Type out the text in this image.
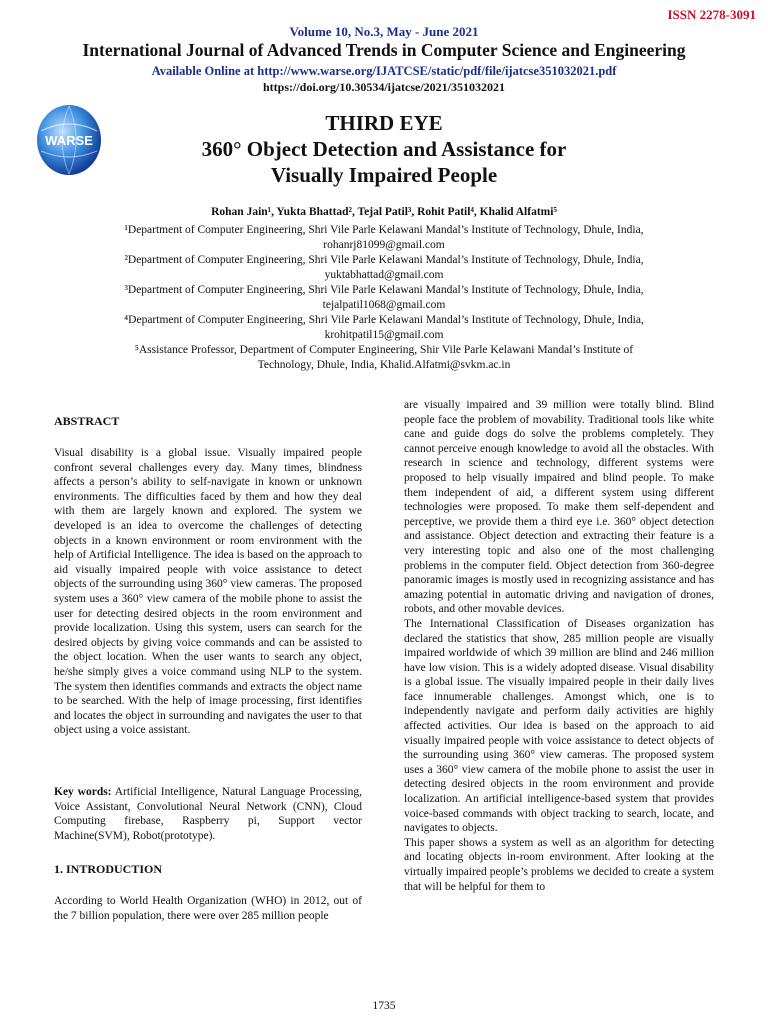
ISSN 2278-3091
Volume 10, No.3, May - June 2021
International Journal of Advanced Trends in Computer Science and Engineering
Available Online at http://www.warse.org/IJATCSE/static/pdf/file/ijatcse351032021.pdf
https://doi.org/10.30534/ijatcse/2021/351032021
WARSE
THIRD EYE
360° Object Detection and Assistance for
Visually Impaired People
Rohan Jain¹, Yukta Bhattad², Tejal Patil³, Rohit Patil⁴, Khalid Alfatmi⁵
¹Department of Computer Engineering, Shri Vile Parle Kelawani Mandal’s Institute of Technology, Dhule, India,
rohanrj81099@gmail.com
²Department of Computer Engineering, Shri Vile Parle Kelawani Mandal’s Institute of Technology, Dhule, India,
yuktabhattad@gmail.com
³Department of Computer Engineering, Shri Vile Parle Kelawani Mandal’s Institute of Technology, Dhule, India,
tejalpatil1068@gmail.com
⁴Department of Computer Engineering, Shri Vile Parle Kelawani Mandal’s Institute of Technology, Dhule, India,
krohitpatil15@gmail.com
⁵Assistance Professor, Department of Computer Engineering, Shir Vile Parle Kelawani Mandal’s Institute of
Technology, Dhule, India, Khalid.Alfatmi@svkm.ac.in
ABSTRACT

Visual disability is a global issue. Visually impaired people confront several challenges every day. Many times, blindness affects a person’s ability to self-navigate in known or unknown environments. The difficulties faced by them and how they deal with them are largely known and explored. The system we developed is an idea to overcome the challenges of detecting objects in a known environment or room environment with the help of Artificial Intelligence. The idea is based on the approach to aid visually impaired people with voice assistance to detect objects of the surrounding using 360° view cameras. The proposed system uses a 360° view camera of the mobile phone to assist the user for detecting desired objects in the room environment and provide localization. Using this system, users can search for the desired objects by giving voice commands and can be assisted to the object location. When the user wants to search any object, he/she simply gives a voice command using NLP to the system. The system then identifies commands and extracts the object name to be searched. With the help of image processing, first identifies and locates the object in surrounding and navigates the user to that object using a voice assistant.

Key words: Artificial Intelligence, Natural Language Processing, Voice Assistant, Convolutional Neural Network (CNN), Cloud Computing firebase, Raspberry pi, Support vector Machine(SVM), Robot(prototype).

1. INTRODUCTION

According to World Health Organization (WHO) in 2012, out of the 7 billion population, there were over 285 million people

are visually impaired and 39 million were totally blind. Blind people face the problem of movability. Traditional tools like white cane and guide dogs do solve the problems completely. They cannot perceive enough knowledge to avoid all the obstacles. With research in science and technology, different systems were proposed to help visually impaired and blind people. To make them independent of aid, a different system using different technologies were proposed. To make them self-dependent and perceptive, we provide them a third eye i.e. 360° object detection and assistance. Object detection and extracting their feature is a very interesting topic and also one of the most challenging problems in the computer field. Object detection from 360-degree panoramic images is mostly used in recognizing assistance and has amazing potential in automatic driving and navigation of drones, robots, and other movable devices.

The International Classification of Diseases organization has declared the statistics that show, 285 million people are visually impaired worldwide of which 39 million are blind and 246 million have low vision. This is a widely adopted disease. Visual disability is a global issue. The visually impaired people in their daily lives face innumerable challenges. Amongst which, one is to independently navigate and perform daily activities are highly affected activities. Our idea is based on the approach to aid visually impaired people with voice assistance to detect objects of the surrounding using 360° view cameras. The proposed system uses a 360° view camera of the mobile phone to assist the user in detecting desired objects in the room environment and provide localization. An artificial intelligence-based system that provides voice-based commands with object tracking to search, locate, and navigates to objects.

This paper shows a system as well as an algorithm for detecting and locating objects in-room environment. After looking at the virtually impaired people’s problems we decided to create a system that will be helpful for them to

1735
